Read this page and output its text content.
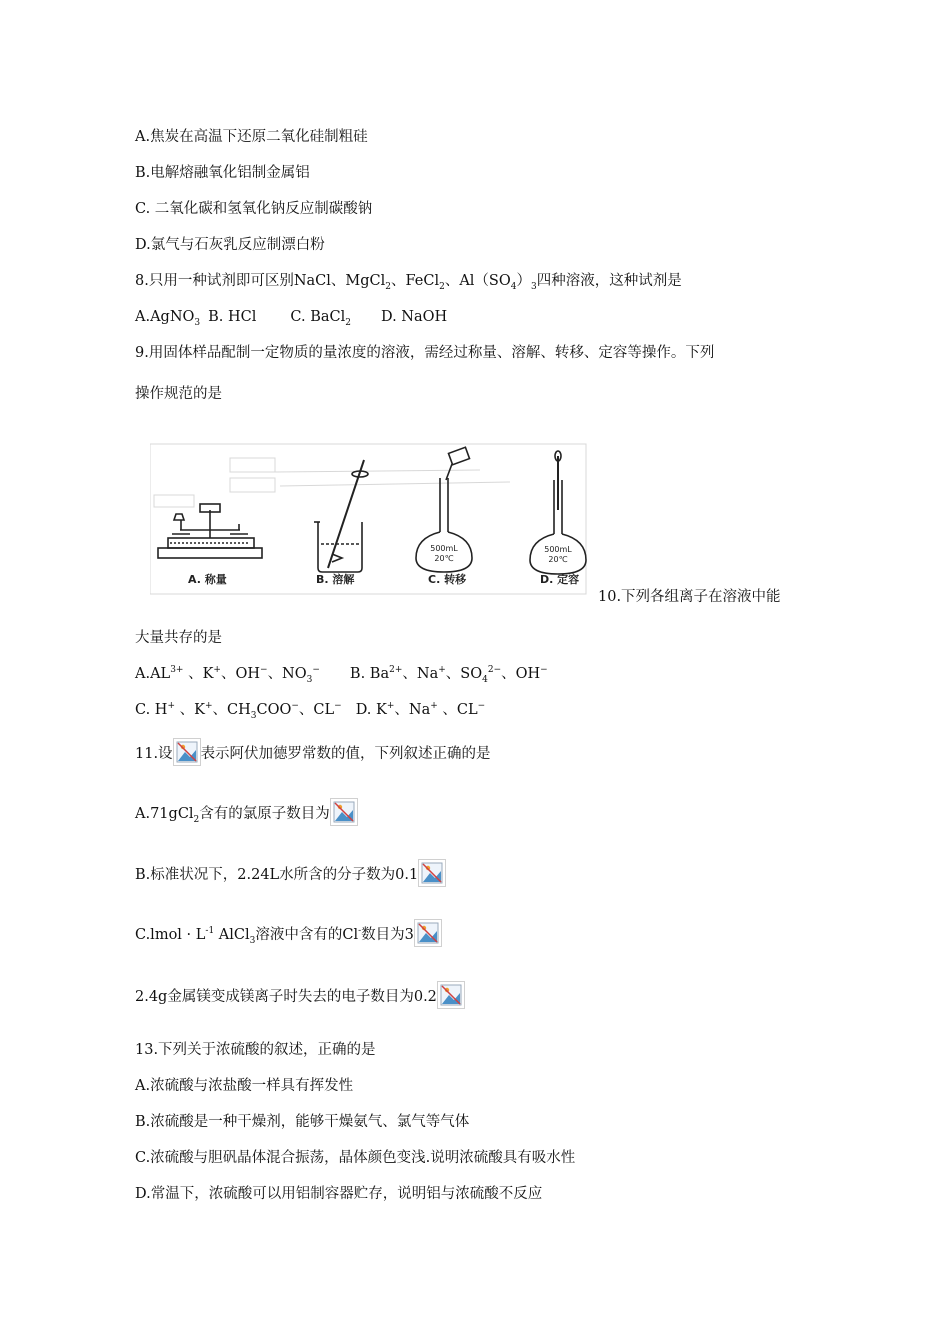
A.焦炭在高温下还原二氧化硅制粗硅
B.电解熔融氧化铝制金属铝
C. 二氧化碳和氢氧化钠反应制碳酸钠
D.氯气与石灰乳反应制漂白粉
8.只用一种试剂即可区别NaCl、MgCl$_2$、FeCl$_2$、$Al(SO_4)_3$四种溶液，这种试剂是
A.AgNO$_3$ B. HCl C. BaCl$_2$ D. NaOH
9.用固体样品配制一定物质的量浓度的溶液，需经过称量、溶解、转移、定容等操作。下列
操作规范的是
A. 称量	B. 溶解
500mL
20℃
C. 转移
500mL
20℃
D. 定容
10.下列各组离子在溶液中能
大量共存的是
$A.AL^{3+}$ 、K+、OH−、$NO_3^-$ B. $Ba^{2+}$、Na+、$SO_4^{2-}$、OH−
C. H+ 、K+、$CH_3COO^-$、CL− D. K+、Na+ 、CL−
11.设 表示阿伏加德罗常数的值，下列叙述正确的是
A.71gCl$_2$含有的氯原子数目为
B.标准状况下，2.24L水所含的分子数为0.1
C.lmol · $L^{-1}$ AlCl$_3$溶液中含有的Cl-数目为3
2.4g金属镁变成镁离子时失去的电子数目为0.2
13.下列关于浓硫酸的叙述，正确的是
A.浓硫酸与浓盐酸一样具有挥发性
B.浓硫酸是一种干燥剂，能够干燥氨气、氯气等气体
C.浓硫酸与胆矾晶体混合振荡，晶体颜色变浅.说明浓硫酸具有吸水性
D.常温下，浓硫酸可以用铝制容器贮存，说明铝与浓硫酸不反应
